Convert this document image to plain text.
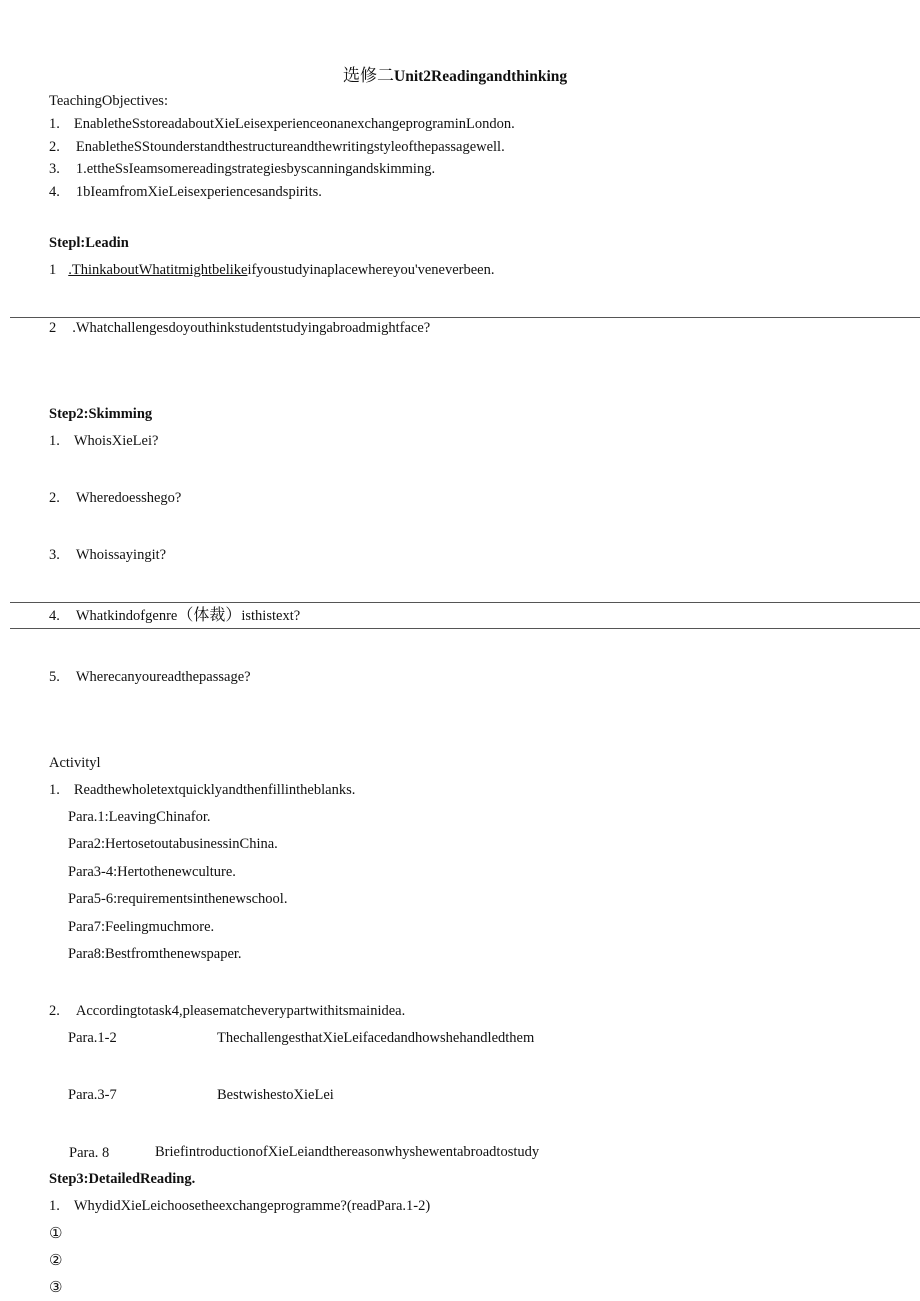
选修二Unit2Readingandthinking
TeachingObjectives:
1. EnabletheSstoreadaboutXieLeisexperienceonanexchangeprograminLondon.
2. EnabletheSStounderstandthestructureandthewritingstyleofthepassagewell.
3. 1.ettheSsIeamsomereadingstrategiesbyscanningandskimming.
4. 1bIeamfromXieLeisexperiencesandspirits.
Stepl:Leadin
1 .ThinkaboutWhatitmightbelikeifyoustudyinaplacewhereyou'veneverbeen.
2 .Whatchallengesdoyouthinkstudentstudyingabroadmightface?
Step2:Skimming
1. WhoisXieLei?
2. Wheredoesshego?
3. Whoissayingit?
4. Whatkindofgenre（体裁）isthistext?
5. Wherecanyoureadthepassage?
Activityl
1. Readthewholetextquicklyandthenfillintheblanks.
Para.1:LeavingChinafor.
Para2:HertosetoutabusinessinChina.
Para3-4:Hertothenewculture.
Para5-6:requirementsinthenewschool.
Para7:Feelingmuchmore.
Para8:Bestfromthenewspaper.
2. Accordingtotask4,pleasematcheverypartwithitsmainidea.
Para.1-2	ThechallengesthatXieLeifacedandhowshehandledthem
Para.3-7	BestwishestoXieLei
Para. 8	BriefintroductionofXieLeiandthereasonwhyshewentabroadtostudy
Step3:DetailedReading.
1. WhydidXieLeichoosetheexchangeprogramme?(readPara.1-2)
①
②
③
